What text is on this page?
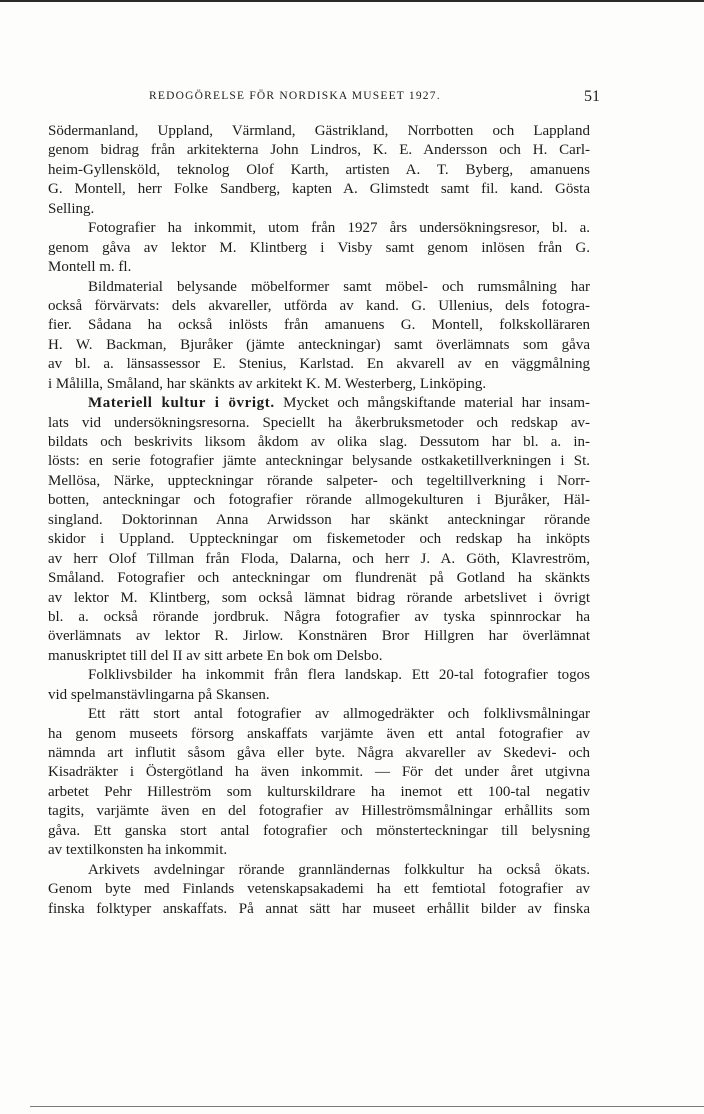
REDOGÖRELSE FÖR NORDISKA MUSEET 1927.	51
Södermanland, Uppland, Värmland, Gästrikland, Norrbotten och Lappland
genom bidrag från arkitekterna John Lindros, K. E. Andersson och H. Carl-
heim-Gyllensköld, teknolog Olof Karth, artisten A. T. Byberg, amanuens
G. Montell, herr Folke Sandberg, kapten A. Glimstedt samt fil. kand. Gösta
Selling.
Fotografier ha inkommit, utom från 1927 års undersökningsresor, bl. a.
genom gåva av lektor M. Klintberg i Visby samt genom inlösen från G.
Montell m. fl.
Bildmaterial belysande möbelformer samt möbel- och rumsmålning har
också förvärvats: dels akvareller, utförda av kand. G. Ullenius, dels fotogra-
fier. Sådana ha också inlösts från amanuens G. Montell, folkskolläraren
H. W. Backman, Bjuråker (jämte anteckningar) samt överlämnats som gåva
av bl. a. länsassessor E. Stenius, Karlstad. En akvarell av en väggmålning
i Målilla, Småland, har skänkts av arkitekt K. M. Westerberg, Linköping.
Materiell kultur i övrigt. Mycket och mångskiftande material har insam-
lats vid undersökningsresorna. Speciellt ha åkerbruksmetoder och redskap av-
bildats och beskrivits liksom åkdom av olika slag. Dessutom har bl. a. in-
lösts: en serie fotografier jämte anteckningar belysande ostkaketillverkningen i St.
Mellösa, Närke, uppteckningar rörande salpeter- och tegeltillverkning i Norr-
botten, anteckningar och fotografier rörande allmogekulturen i Bjuråker, Häl-
singland. Doktorinnan Anna Arwidsson har skänkt anteckningar rörande
skidor i Uppland. Uppteckningar om fiskemetoder och redskap ha inköpts
av herr Olof Tillman från Floda, Dalarna, och herr J. A. Göth, Klavreström,
Småland. Fotografier och anteckningar om flundrenät på Gotland ha skänkts
av lektor M. Klintberg, som också lämnat bidrag rörande arbetslivet i övrigt
bl. a. också rörande jordbruk. Några fotografier av tyska spinnrockar ha
överlämnats av lektor R. Jirlow. Konstnären Bror Hillgren har överlämnat
manuskriptet till del II av sitt arbete En bok om Delsbo.
Folklivsbilder ha inkommit från flera landskap. Ett 20-tal fotografier togos
vid spelmanstävlingarna på Skansen.
Ett rätt stort antal fotografier av allmogedräkter och folklivsmålningar
ha genom museets försorg anskaffats varjämte även ett antal fotografier av
nämnda art influtit såsom gåva eller byte. Några akvareller av Skedevi- och
Kisadräkter i Östergötland ha även inkommit. — För det under året utgivna
arbetet Pehr Hilleström som kulturskildrare ha inemot ett 100-tal negativ
tagits, varjämte även en del fotografier av Hilleströmsmålningar erhållits som
gåva. Ett ganska stort antal fotografier och mönsterteckningar till belysning
av textilkonsten ha inkommit.
Arkivets avdelningar rörande grannländernas folkkultur ha också ökats.
Genom byte med Finlands vetenskapsakademi ha ett femtiotal fotografier av
finska folktyper anskaffats. På annat sätt har museet erhållit bilder av finska
